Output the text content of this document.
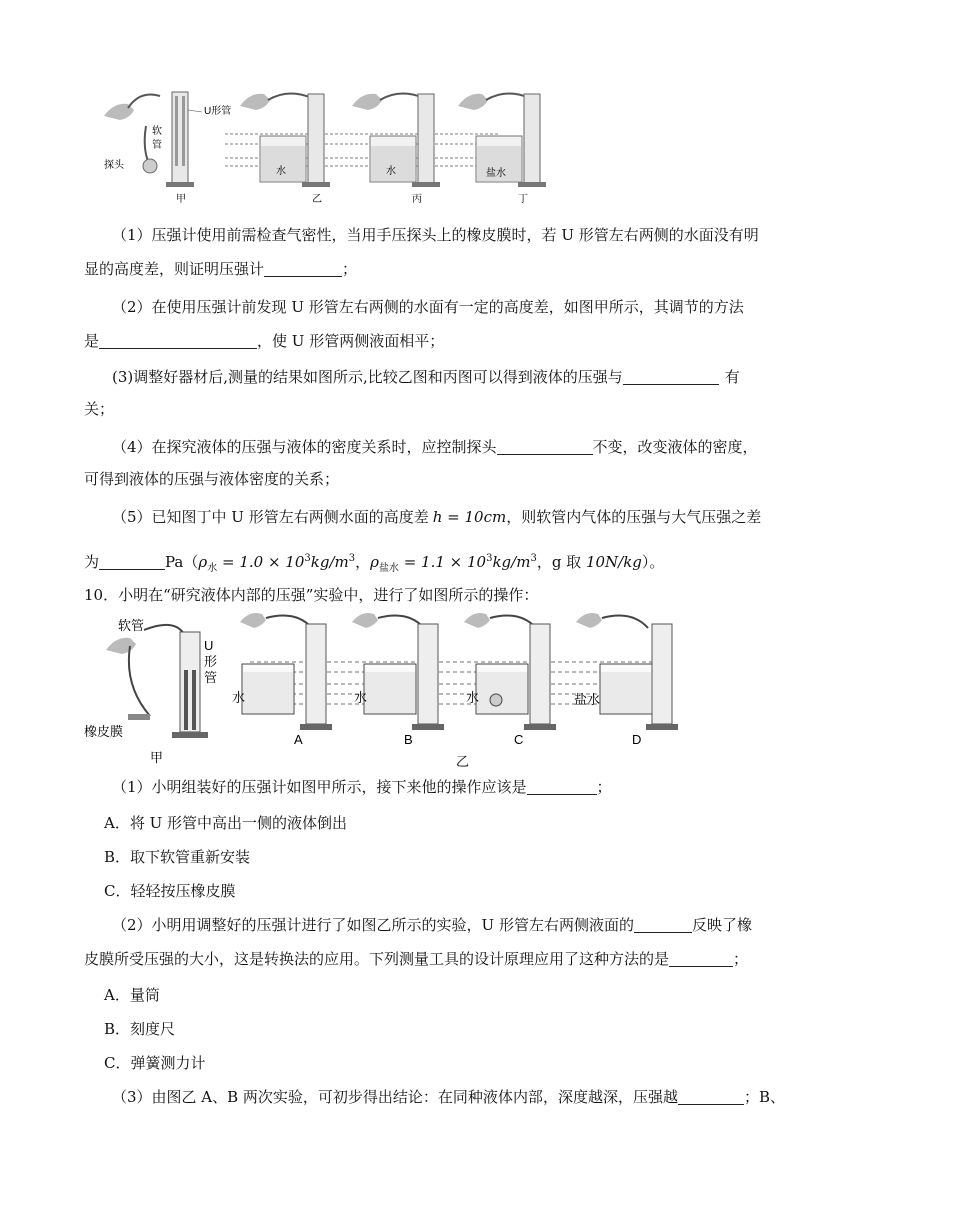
U形管
软
管
探头
甲
水
乙
水
丙
盐水
丁
（1）压强计使用前需检查气密性，当用手压探头上的橡皮膜时，若 U 形管左右两侧的水面没有明
显的高度差，则证明压强计	；
（2）在使用压强计前发现 U 形管左右两侧的水面有一定的高度差，如图甲所示，其调节的方法
是	，使 U 形管两侧液面相平；
(3)调整好器材后,测量的结果如图所示,比较乙图和丙图可以得到液体的压强与	有
关；
（4）在探究液体的压强与液体的密度关系时，应控制探头	不变，改变液体的密度，
可得到液体的压强与液体密度的关系；
（5）已知图丁中 U 形管左右两侧水面的高度差 h = 10cm，则软管内气体的压强与大气压强之差
为	$Pa(\rho_水 = 1.0 \times 10^3kg/m^3$，$\rho_{盐水} = 1.1 \times 10^3kg/m^3$，g 取 10N/kg）。
10．小明在“研究液体内部的压强”实验中，进行了如图所示的操作：
软管
U
形
管
橡皮膜
甲
水
A
水
B
水
C
盐水
D
乙
（1）小明组装好的压强计如图甲所示，接下来他的操作应该是	；
A．将 U 形管中高出一侧的液体倒出
B．取下软管重新安装
C．轻轻按压橡皮膜
（2）小明用调整好的压强计进行了如图乙所示的实验，U 形管左右两侧液面的	反映了橡
皮膜所受压强的大小，这是转换法的应用。下列测量工具的设计原理应用了这种方法的是	；
A．量筒
B．刻度尺
C．弹簧测力计
（3）由图乙 A、B 两次实验，可初步得出结论：在同种液体内部，深度越深，压强越	；B、
